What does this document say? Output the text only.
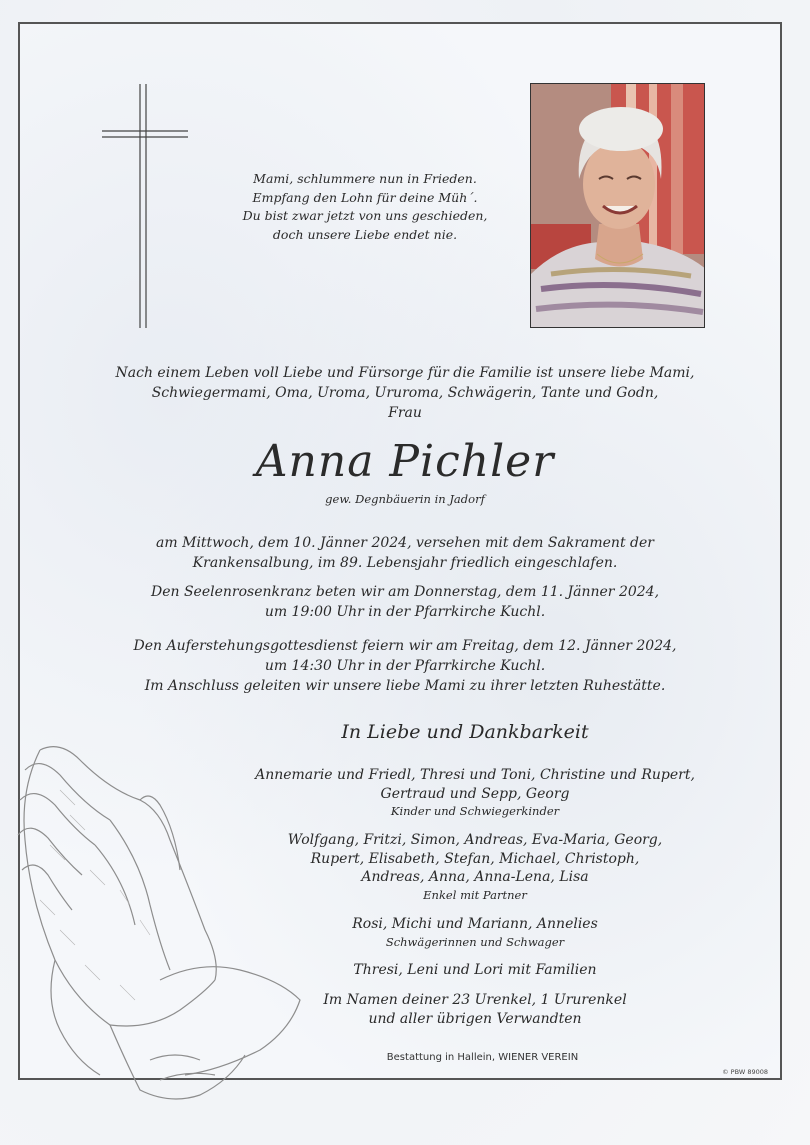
Mami, schlummere nun in Frieden.
Empfang den Lohn für deine Müh´.
Du bist zwar jetzt von uns geschieden,
doch unsere Liebe endet nie.
Nach einem Leben voll Liebe und Fürsorge für die Familie ist unsere liebe Mami,
Schwiegermami, Oma, Uroma, Ururoma, Schwägerin, Tante und Godn,
Frau
Anna Pichler
gew. Degnbäuerin in Jadorf
am Mittwoch, dem 10. Jänner 2024, versehen mit dem Sakrament der
Krankensalbung, im 89. Lebensjahr friedlich eingeschlafen.
Den Seelenrosenkranz beten wir am Donnerstag, dem 11. Jänner 2024,
um 19:00 Uhr in der Pfarrkirche Kuchl.
Den Auferstehungsgottesdienst feiern wir am Freitag, dem 12. Jänner 2024,
um 14:30 Uhr in der Pfarrkirche Kuchl.
Im Anschluss geleiten wir unsere liebe Mami zu ihrer letzten Ruhestätte.
In Liebe und Dankbarkeit
Annemarie und Friedl, Thresi und Toni, Christine und Rupert,
Gertraud und Sepp, Georg
Kinder und Schwiegerkinder
Wolfgang, Fritzi, Simon, Andreas, Eva-Maria, Georg,
Rupert, Elisabeth, Stefan, Michael, Christoph,
Andreas, Anna, Anna-Lena, Lisa
Enkel mit Partner
Rosi, Michi und Mariann, Annelies
Schwägerinnen und Schwager
Thresi, Leni und Lori mit Familien
Im Namen deiner 23 Urenkel, 1 Ururenkel
und aller übrigen Verwandten
Bestattung in Hallein, WIENER VEREIN
© PBW 89008
